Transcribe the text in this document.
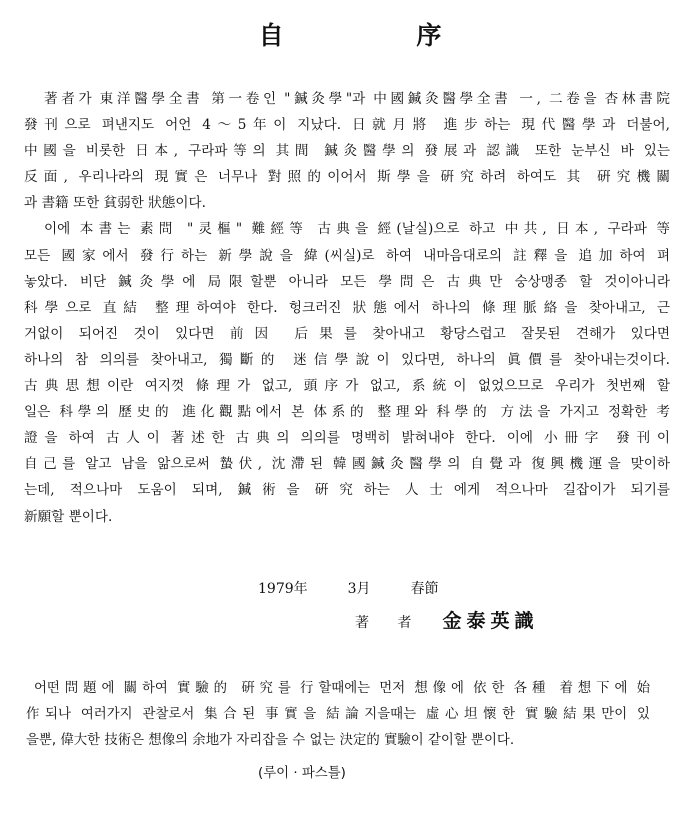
自 序
著者가 東洋醫學全書 第一卷인 "鍼灸學"과 中國鍼灸醫學全書 一, 二卷을 杏林書院
發刊으로 펴낸지도 어언 4～5年이 지났다. 日就月將 進步하는 現代醫學과 더불어,
中國을 비롯한 日本, 구라파等의 其間 鍼灸醫學의 發展과 認識 또한 눈부신 바 있는
反面, 우리나라의 現實은 너무나 對照的이어서 斯學을 硏究하려 하여도 其 硏究機關
과 書籍 또한 貧弱한 狀態이다.
이에 本書는 素問 "灵樞" 難經等 古典을 經(날실)으로 하고 中共, 日本, 구라파 等
모든 國家에서 發行하는 新學說을 緯(씨실)로 하여 내마음대로의 註釋을 追加하여 펴
놓았다. 비단 鍼灸學에 局限할뿐 아니라 모든 學問은 古典만 숭상맹종 할 것이아니라
科學으로 直結 整理하여야 한다. 헝크러진 狀態에서 하나의 條理脈絡을 찾아내고, 근
거없이 되어진 것이 있다면 前因 后果를 찾아내고 황당스럽고 잘못된 견해가 있다면
하나의 참 의의를 찾아내고, 獨斷的 迷信學說이 있다면, 하나의 眞價를 찾아내는것이다.
古典思想이란 여지껏 條理가 없고, 頭序가 없고, 系統이 없었으므로 우리가 첫번째 할
일은 科學의 歷史的 進化觀點에서 본 体系的 整理와 科學的 方法을 가지고 정확한 考
證을 하여 古人이 著述한 古典의 의의를 명백히 밝혀내야 한다. 이에 小冊字 發刊이
自己를 알고 남을 앎으로써 蟄伏, 沈滯된 韓國鍼灸醫學의 自覺과 復興機運을 맞이하
는데, 적으나마 도움이 되며, 鍼術을 硏究하는 人士에게 적으나마 길잡이가 되기를
新願할 뿐이다.
1979年	3月	春節
著 者 金泰英識
어떤問題에 關하여 實驗的 硏究를 行할때에는 먼저 想像에 依한 各種 着想下에 始
作되나 여러가지 관찰로서 集合된 事實을 結論지을때는 虛心坦懷한 實驗結果만이 있
을뿐, 偉大한 技術은 想像의 余地가 자리잡을 수 없는 決定的 實驗이 같이할 뿐이다.
(루이 · 파스틀)
